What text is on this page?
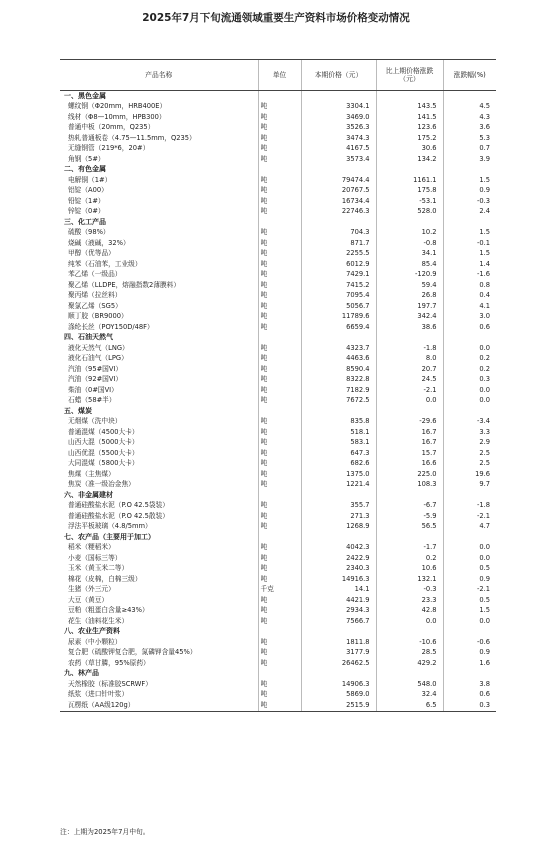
2025年7月下旬流通领域重要生产资料市场价格变动情况
产品名称	单位	本期价格（元）	比上期价格涨跌（元）	涨跌幅(%)
一、黑色金属				
螺纹钢（Φ20mm，HRB400E）	吨	3304.1	143.5	4.5
线材（Φ8—10mm，HPB300）	吨	3469.0	141.5	4.3
普通中板（20mm，Q235）	吨	3526.3	123.6	3.6
热轧普通板卷（4.75—11.5mm，Q235）	吨	3474.3	175.2	5.3
无缝钢管（219*6，20#）	吨	4167.5	30.6	0.7
角钢（5#）	吨	3573.4	134.2	3.9
二、有色金属				
电解铜（1#）	吨	79474.4	1161.1	1.5
铝锭（A00）	吨	20767.5	175.8	0.9
铅锭（1#）	吨	16734.4	-53.1	-0.3
锌锭（0#）	吨	22746.3	528.0	2.4
三、化工产品				
硫酸（98%）	吨	704.3	10.2	1.5
烧碱（液碱，32%）	吨	871.7	-0.8	-0.1
甲醇（优等品）	吨	2255.5	34.1	1.5
纯苯（石油苯，工业级）	吨	6012.9	85.4	1.4
苯乙烯（一级品）	吨	7429.1	-120.9	-1.6
聚乙烯（LLDPE，熔融指数2薄膜料）	吨	7415.2	59.4	0.8
聚丙烯（拉丝料）	吨	7095.4	26.8	0.4
聚氯乙烯（SG5）	吨	5056.7	197.7	4.1
顺丁胶（BR9000）	吨	11789.6	342.4	3.0
涤纶长丝（POY150D/48F）	吨	6659.4	38.6	0.6
四、石油天然气				
液化天然气（LNG）	吨	4323.7	-1.8	0.0
液化石油气（LPG）	吨	4463.6	8.0	0.2
汽油（95#国VI）	吨	8590.4	20.7	0.2
汽油（92#国VI）	吨	8322.8	24.5	0.3
柴油（0#国VI）	吨	7182.9	-2.1	0.0
石蜡（58#半）	吨	7672.5	0.0	0.0
五、煤炭				
无烟煤（洗中块）	吨	835.8	-29.6	-3.4
普通混煤（4500大卡）	吨	518.1	16.7	3.3
山西大混（5000大卡）	吨	583.1	16.7	2.9
山西优混（5500大卡）	吨	647.3	15.7	2.5
大同混煤（5800大卡）	吨	682.6	16.6	2.5
焦煤（主焦煤）	吨	1375.0	225.0	19.6
焦炭（准一级冶金焦）	吨	1221.4	108.3	9.7
六、非金属建材				
普通硅酸盐水泥（P.O 42.5袋装）	吨	355.7	-6.7	-1.8
普通硅酸盐水泥（P.O 42.5散装）	吨	271.3	-5.9	-2.1
浮法平板玻璃（4.8/5mm）	吨	1268.9	56.5	4.7
七、农产品（主要用于加工）				
稻米（粳稻米）	吨	4042.3	-1.7	0.0
小麦（国标三等）	吨	2422.9	0.2	0.0
玉米（黄玉米二等）	吨	2340.3	10.6	0.5
棉花（皮棉，白棉三级）	吨	14916.3	132.1	0.9
生猪（外三元）	千克	14.1	-0.3	-2.1
大豆（黄豆）	吨	4421.9	23.3	0.5
豆粕（粗蛋白含量≥43%）	吨	2934.3	42.8	1.5
花生（油料花生米）	吨	7566.7	0.0	0.0
八、农业生产资料				
尿素（中小颗粒）	吨	1811.8	-10.6	-0.6
复合肥（硫酸钾复合肥，氮磷钾含量45%）	吨	3177.9	28.5	0.9
农药（草甘膦，95%原药）	吨	26462.5	429.2	1.6
九、林产品				
天然橡胶（标准胶SCRWF）	吨	14906.3	548.0	3.8
纸浆（进口针叶浆）	吨	5869.0	32.4	0.6
瓦楞纸（AA级120g）	吨	2515.9	6.5	0.3
注：上期为2025年7月中旬。
